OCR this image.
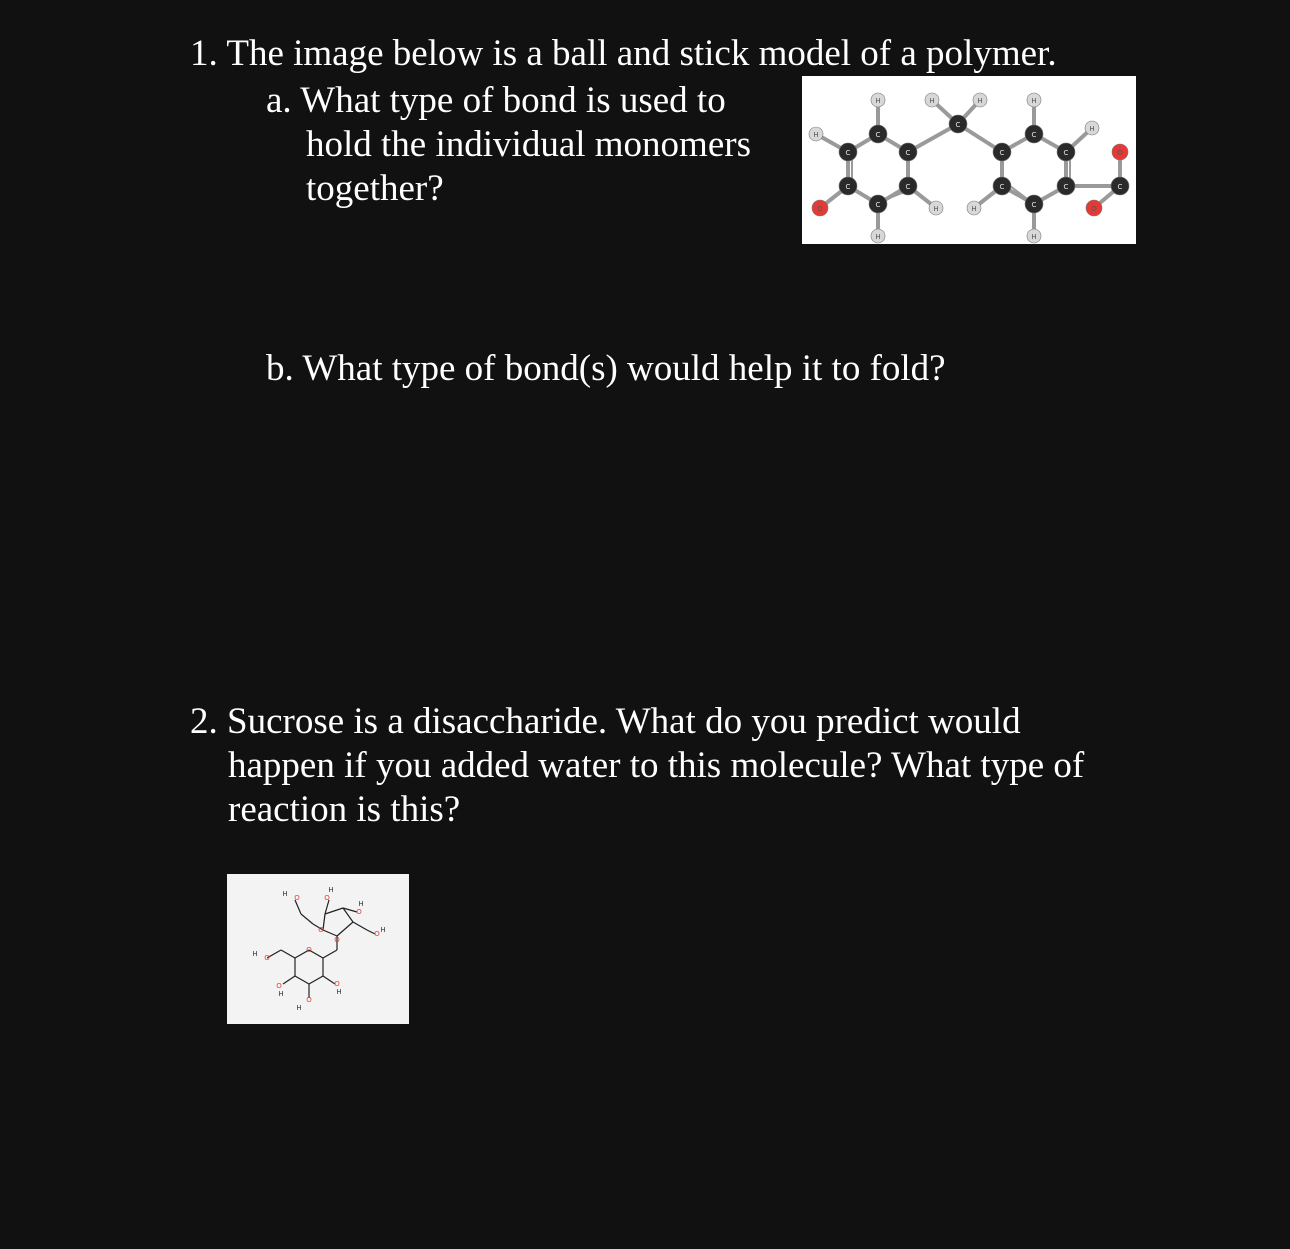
1. The image below is a ball and stick model of a polymer.
a. What type of bond is used to
hold the individual monomers
together?
C
C
C
C
C
C
C
C
C
C
C
C
C	C
H
H	H	H	H
H
H
H	H
H
O	O
O
b. What type of bond(s) would help it to fold?
2. Sucrose is a disaccharide. What do you predict would
happen if you added water to this molecule? What type of
reaction is this?
H O
H
O
H
O
O H
O
O
O
H O
O
H
O
H
O
H
